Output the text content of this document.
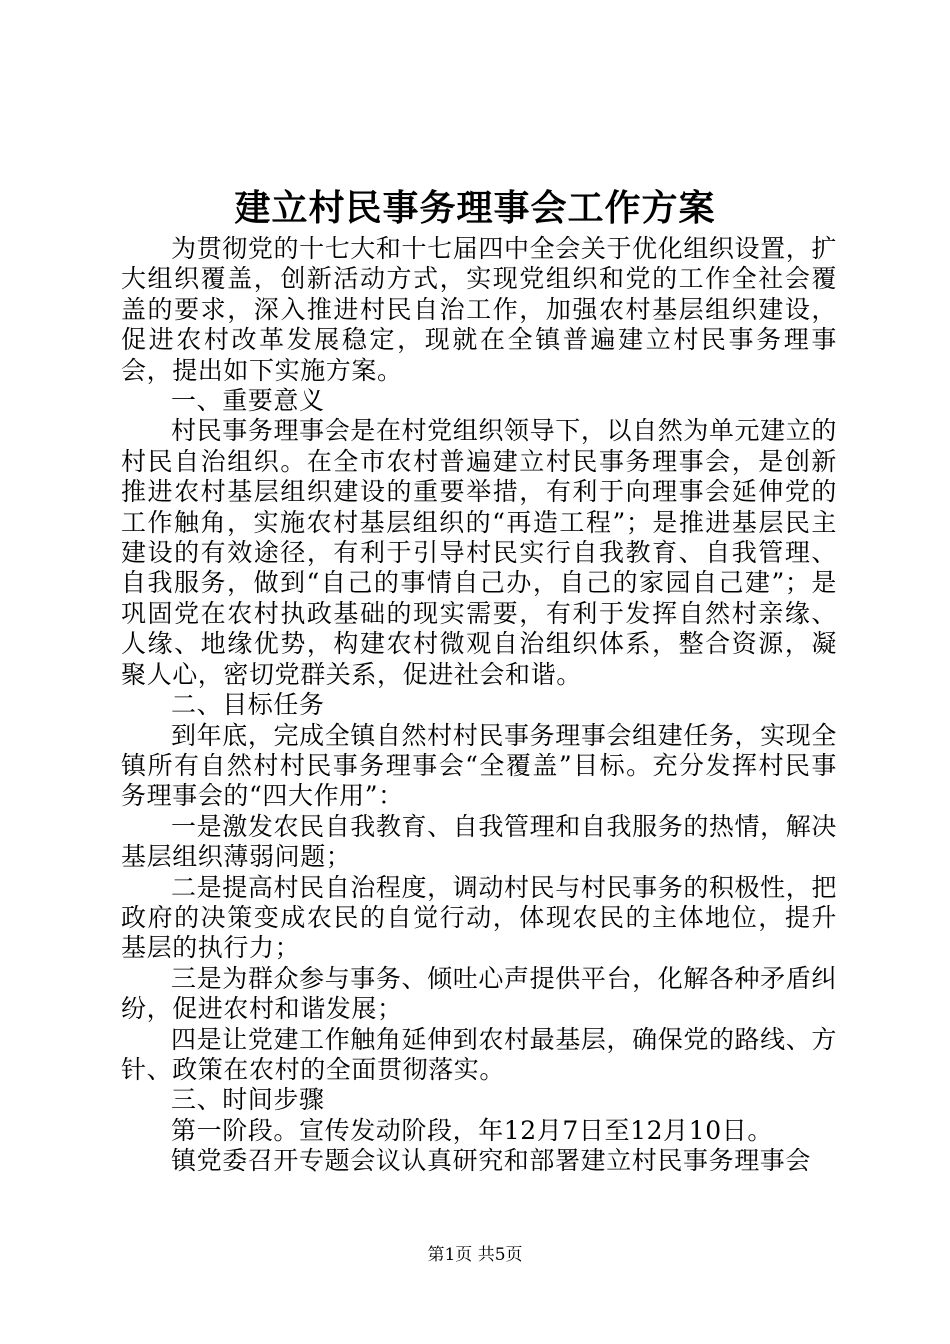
建立村民事务理事会工作方案

为贯彻党的十七大和十七届四中全会关于优化组织设置，扩大组织覆盖，创新活动方式，实现党组织和党的工作全社会覆盖的要求，深入推进村民自治工作，加强农村基层组织建设，促进农村改革发展稳定，现就在全镇普遍建立村民事务理事会，提出如下实施方案。

一、重要意义

村民事务理事会是在村党组织领导下，以自然为单元建立的村民自治组织。在全市农村普遍建立村民事务理事会，是创新推进农村基层组织建设的重要举措，有利于向理事会延伸党的工作触角，实施农村基层组织的“再造工程”；是推进基层民主建设的有效途径，有利于引导村民实行自我教育、自我管理、自我服务，做到“自己的事情自己办，自己的家园自己建”；是巩固党在农村执政基础的现实需要，有利于发挥自然村亲缘、人缘、地缘优势，构建农村微观自治组织体系，整合资源，凝聚人心，密切党群关系，促进社会和谐。

二、目标任务

到年底，完成全镇自然村村民事务理事会组建任务，实现全镇所有自然村村民事务理事会“全覆盖”目标。充分发挥村民事务理事会的“四大作用”：

一是激发农民自我教育、自我管理和自我服务的热情，解决基层组织薄弱问题；

二是提高村民自治程度，调动村民与村民事务的积极性，把政府的决策变成农民的自觉行动，体现农民的主体地位，提升基层的执行力；

三是为群众参与事务、倾吐心声提供平台，化解各种矛盾纠纷，促进农村和谐发展；

四是让党建工作触角延伸到农村最基层，确保党的路线、方针、政策在农村的全面贯彻落实。

三、时间步骤

第一阶段。宣传发动阶段，年12月7日至12月10日。

镇党委召开专题会议认真研究和部署建立村民事务理事会

第1页 共5页
